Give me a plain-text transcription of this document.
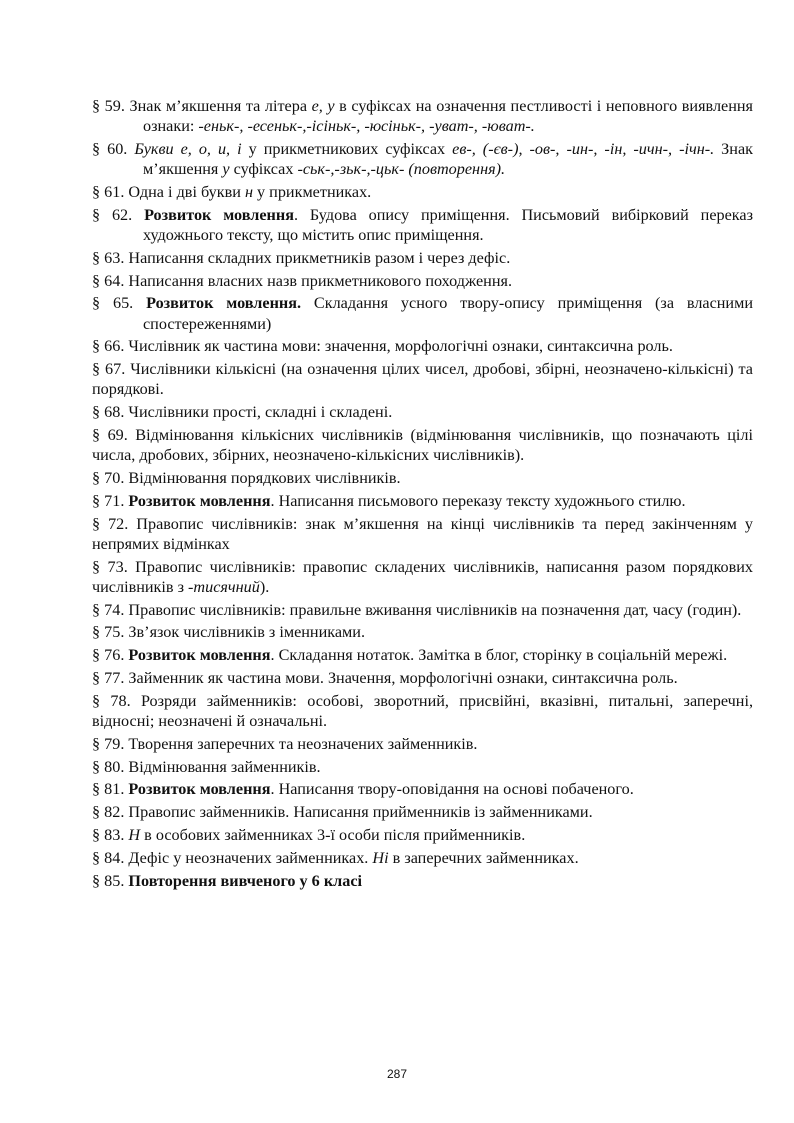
§ 59. Знак м’якшення та літера е, у в суфіксах на означення пестливості і неповного виявлення ознаки: -еньк-, -есеньк-,-ісіньк-, -юсіньк-, -уват-, -юват-.

§ 60. Букви е, о, и, і у прикметникових суфіксах ев-, (-єв-), -ов-, -ин-, -ін, -ичн-, -ічн-. Знак м’якшення у суфіксах -ськ-,-зьк-,-цьк- (повторення).

§ 61. Одна і дві букви н у прикметниках.

§ 62. Розвиток мовлення. Будова опису приміщення. Письмовий вибірковий переказ художнього тексту, що містить опис приміщення.

§ 63. Написання складних прикметників разом і через дефіс.

§ 64. Написання власних назв прикметникового походження.

§ 65. Розвиток мовлення. Складання усного твору-опису приміщення (за власними спостереженнями)

§ 66. Числівник як частина мови: значення, морфологічні ознаки, синтаксична роль.

§ 67. Числівники кількісні (на означення цілих чисел, дробові, збірні, неозначено-кількісні) та порядкові.

§ 68. Числівники прості, складні і складені.

§ 69. Відмінювання кількісних числівників (відмінювання числівників, що позначають цілі числа, дробових, збірних, неозначено-кількісних числівників).

§ 70. Відмінювання порядкових числівників.

§ 71. Розвиток мовлення. Написання письмового переказу тексту художнього стилю.

§ 72. Правопис числівників: знак м’якшення на кінці числівників та перед закінченням у непрямих відмінках

§ 73. Правопис числівників: правопис складених числівників, написання разом порядкових числівників з -тисячний).

§ 74. Правопис числівників: правильне вживання числівників на позначення дат, часу (годин).

§ 75. Зв’язок числівників з іменниками.

§ 76. Розвиток мовлення. Складання нотаток. Замітка в блог, сторінку в соціальній мережі.

§ 77. Займенник як частина мови. Значення, морфологічні ознаки, синтаксична роль.

§ 78. Розряди займенників: особові, зворотний, присвійні, вказівні, питальні, заперечні, відносні; неозначені й означальні.

§ 79. Творення заперечних та неозначених займенників.

§ 80. Відмінювання займенників.

§ 81. Розвиток мовлення. Написання твору-оповідання на основі побаченого.

§ 82. Правопис займенників. Написання прийменників із займенниками.

§ 83. Н в особових займенниках 3-ї особи після прийменників.

§ 84. Дефіс у неозначених займенниках. Ні в заперечних займенниках.

§ 85. Повторення вивченого у 6 класі

287
